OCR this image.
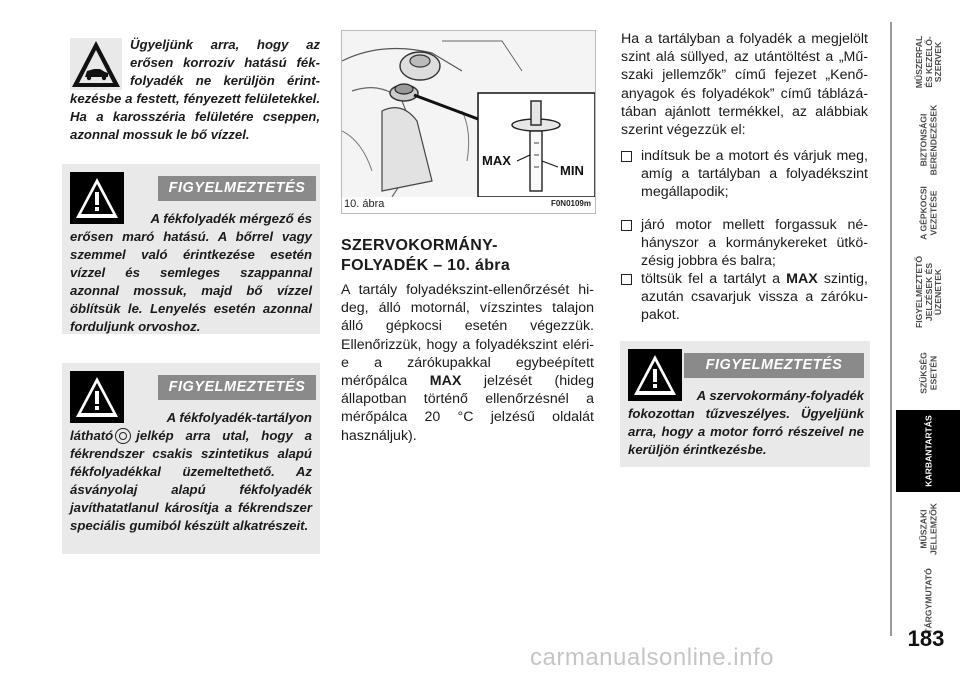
Ügyeljünk arra, hogy az
erősen korrozív hatású fék-
folyadék ne kerüljön érint-
kezésbe a festett, fényezett felületekkel. Ha a karosszéria felületére cseppen, azonnal mossuk le bő vízzel.
FIGYELMEZTETÉS
A fékfolyadék mérgező és
erősen maró hatású. A bőrrel vagy szemmel való érintkezése esetén vízzel és semleges szappannal azonnal mossuk, majd bő vízzel öblítsük le. Lenyelés esetén azonnal forduljunk orvoshoz.
FIGYELMEZTETÉS
A fékfolyadék-tartályon
látható jelkép arra utal, hogy a
fékrendszer csakis szintetikus alapú fékfolyadékkal üzemeltethető. Az ásványolaj alapú fékfolyadék javíthatatlanul károsítja a fékrendszer speciális gumiból készült alkatrészeit.
MAX
MIN
10. ábra	F0N0109m
SZERVOKORMÁNY-
FOLYADÉK – 10. ábra
A tartály folyadékszint-ellenőrzését hideg, álló motornál, vízszintes talajon álló gépkocsi esetén végezzük. Ellenőrizzük, hogy a folyadékszint eléri-e a zárókupakkal egybeépített mérőpálca MAX jelzését (hideg állapotban történő ellenőrzésnél a mérőpálca 20 °C jelzésű oldalát használjuk).
Ha a tartályban a folyadék a megjelölt szint alá süllyed, az utántöltést a „Műszaki jellemzők” című fejezet „Kenőanyagok és folyadékok” című táblázátában ajánlott termékkel, az alábbiak szerint végezzük el:
indítsuk be a motort és várjuk meg, amíg a tartályban a folyadékszint megállapodik;
járó motor mellett forgassuk néhányszor a kormánykereket ütközésig jobbra és balra;
töltsük fel a tartályt a MAX szintig, azután csavarjuk vissza a zárókupakot.
FIGYELMEZTETÉS
A szervokormány-folyadék
fokozottan tűzveszélyes. Ügyeljünk arra, hogy a motor forró részeivel ne kerüljön érintkezésbe.
MŰSZERFAL
ÉS KEZELŐ-
SZERVEK
BIZTONSÁGI
BERENDEZÉSEK
A GÉPKOCSI
VEZETÉSE
FIGYELMEZTETŐ
JELZÉSEK ÉS
ÜZENETEK
SZÜKSÉG
ESETÉN
KARBANTARTÁS
MŰSZAKI
JELLEMZŐK
TÁRGYMUTATÓ
183
carmanualsonline.info
